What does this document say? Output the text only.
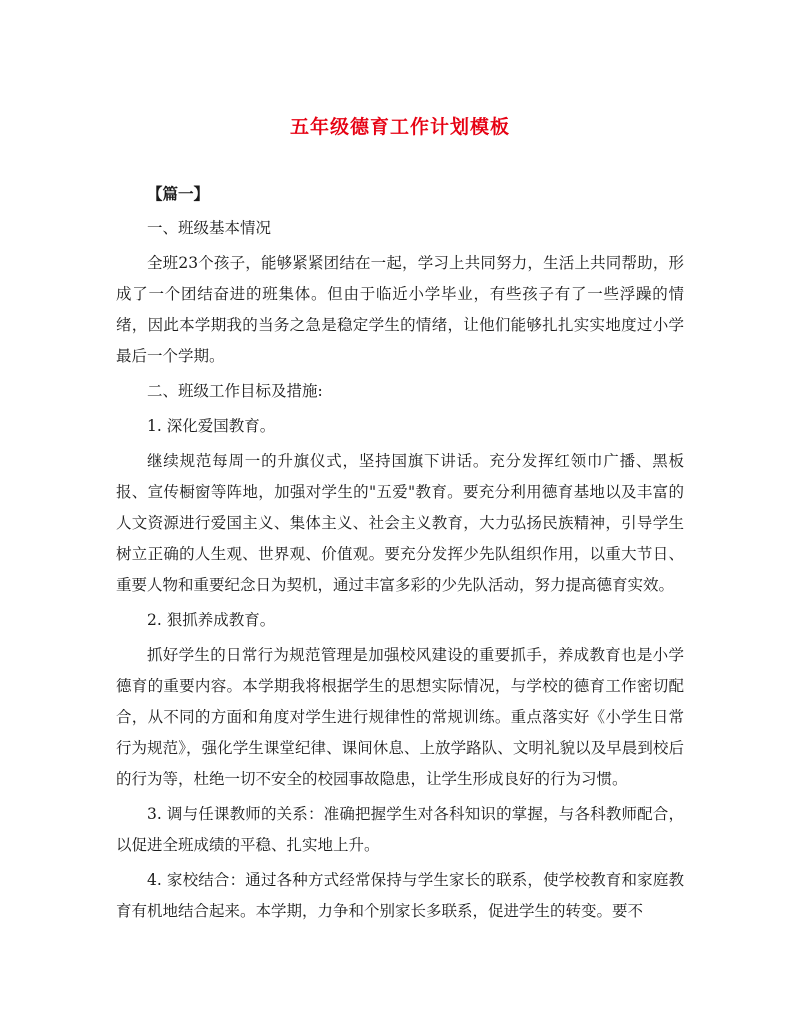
五年级德育工作计划模板

【篇一】

一、班级基本情况

全班23个孩子，能够紧紧团结在一起，学习上共同努力，生活上共同帮助，形成了一个团结奋进的班集体。但由于临近小学毕业，有些孩子有了一些浮躁的情绪，因此本学期我的当务之急是稳定学生的情绪，让他们能够扎扎实实地度过小学最后一个学期。

二、班级工作目标及措施:

1. 深化爱国教育。

继续规范每周一的升旗仪式，坚持国旗下讲话。充分发挥红领巾广播、黑板报、宣传橱窗等阵地，加强对学生的"五爱"教育。要充分利用德育基地以及丰富的人文资源进行爱国主义、集体主义、社会主义教育，大力弘扬民族精神，引导学生树立正确的人生观、世界观、价值观。要充分发挥少先队组织作用，以重大节日、重要人物和重要纪念日为契机，通过丰富多彩的少先队活动，努力提高德育实效。

2. 狠抓养成教育。

抓好学生的日常行为规范管理是加强校风建设的重要抓手，养成教育也是小学德育的重要内容。本学期我将根据学生的思想实际情况，与学校的德育工作密切配合，从不同的方面和角度对学生进行规律性的常规训练。重点落实好《小学生日常行为规范》，强化学生课堂纪律、课间休息、上放学路队、文明礼貌以及早晨到校后的行为等，杜绝一切不安全的校园事故隐患，让学生形成良好的行为习惯。

3. 调与任课教师的关系：准确把握学生对各科知识的掌握，与各科教师配合，以促进全班成绩的平稳、扎实地上升。

4. 家校结合：通过各种方式经常保持与学生家长的联系，使学校教育和家庭教育有机地结合起来。本学期，力争和个别家长多联系，促进学生的转变。要不
